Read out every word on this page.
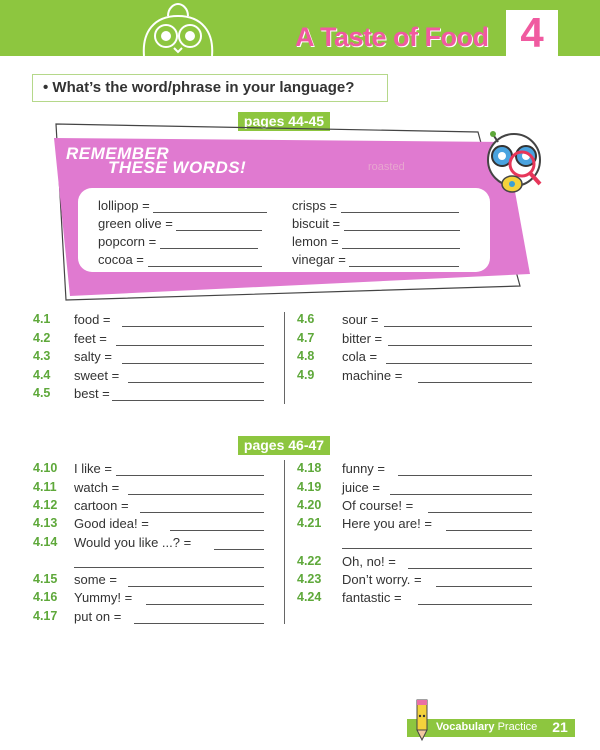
A Taste of Food 4
• What’s the word/phrase in your language?
pages 44-45
REMEMBER
THESE WORDS!	roasted
lollipop =
green olive =
popcorn =
cocoa =
crisps =
biscuit =
lemon =
vinegar =
4.1 food =
4.2 feet =
4.3 salty =
4.4 sweet =
4.5 best =
4.6 sour =
4.7 bitter =
4.8 cola =
4.9 machine =
pages 46-47
4.10 I like =
4.11 watch =
4.12 cartoon =
4.13 Good idea! =
4.14 Would you like ...? =
4.15 some =
4.16 Yummy! =
4.17 put on =
4.18 funny =
4.19 juice =
4.20 Of course! =
4.21 Here you are! =
4.22 Oh, no! =
4.23 Don’t worry. =
4.24 fantastic =
Vocabulary Practice	21
